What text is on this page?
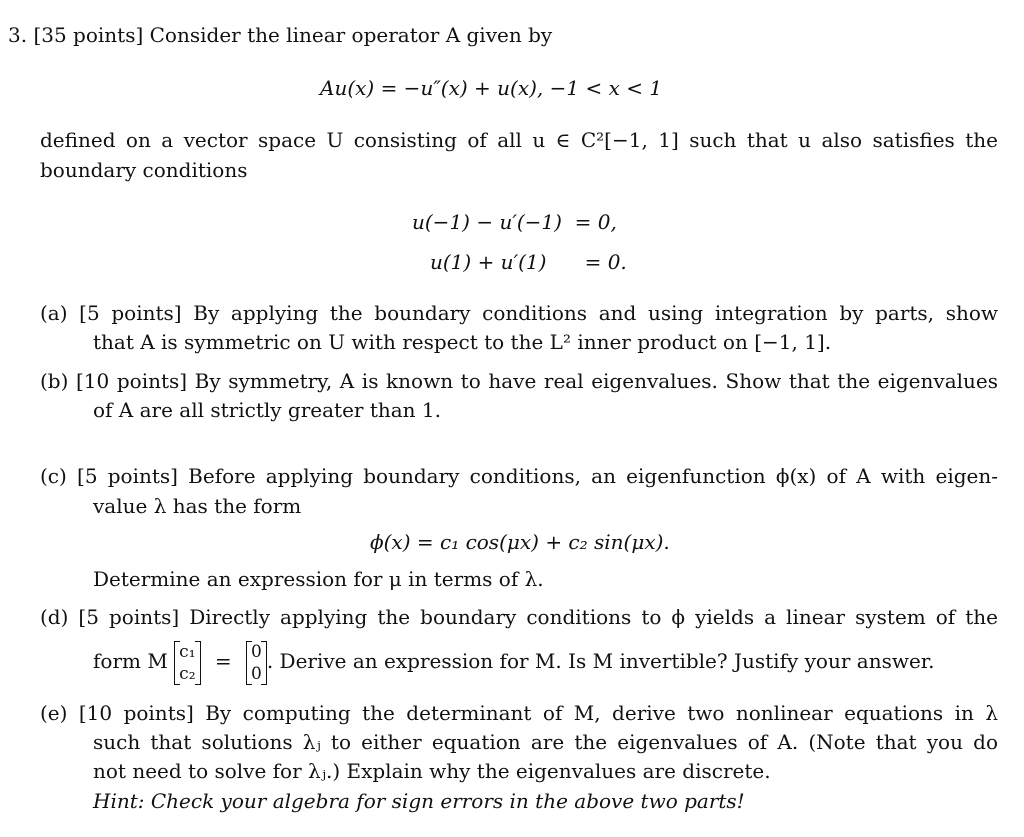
3. [35 points] Consider the linear operator A given by
Au(x) = −u″(x) + u(x), −1 < x < 1
defined on a vector space U consisting of all u ∈ C²[−1, 1] such that u also satisfies the
boundary conditions
u(−1) − u′(−1)  = 0,
u(1) + u′(1)      = 0.
(a) [5 points] By applying the boundary conditions and using integration by parts, show
that A is symmetric on U with respect to the L² inner product on [−1, 1].
(b) [10 points] By symmetry, A is known to have real eigenvalues. Show that the eigenvalues
of A are all strictly greater than 1.
(c) [5 points] Before applying boundary conditions, an eigenfunction ϕ(x) of A with eigen-
value λ has the form
ϕ(x) = c₁ cos(μx) + c₂ sin(μx).
Determine an expression for μ in terms of λ.
(d) [5 points] Directly applying the boundary conditions to ϕ yields a linear system of the
form M c₁
c₂
= 0
0
. Derive an expression for M. Is M invertible? Justify your answer.
(e) [10 points] By computing the determinant of M, derive two nonlinear equations in λ
such that solutions λⱼ to either equation are the eigenvalues of A. (Note that you do
not need to solve for λⱼ.) Explain why the eigenvalues are discrete.
Hint: Check your algebra for sign errors in the above two parts!
